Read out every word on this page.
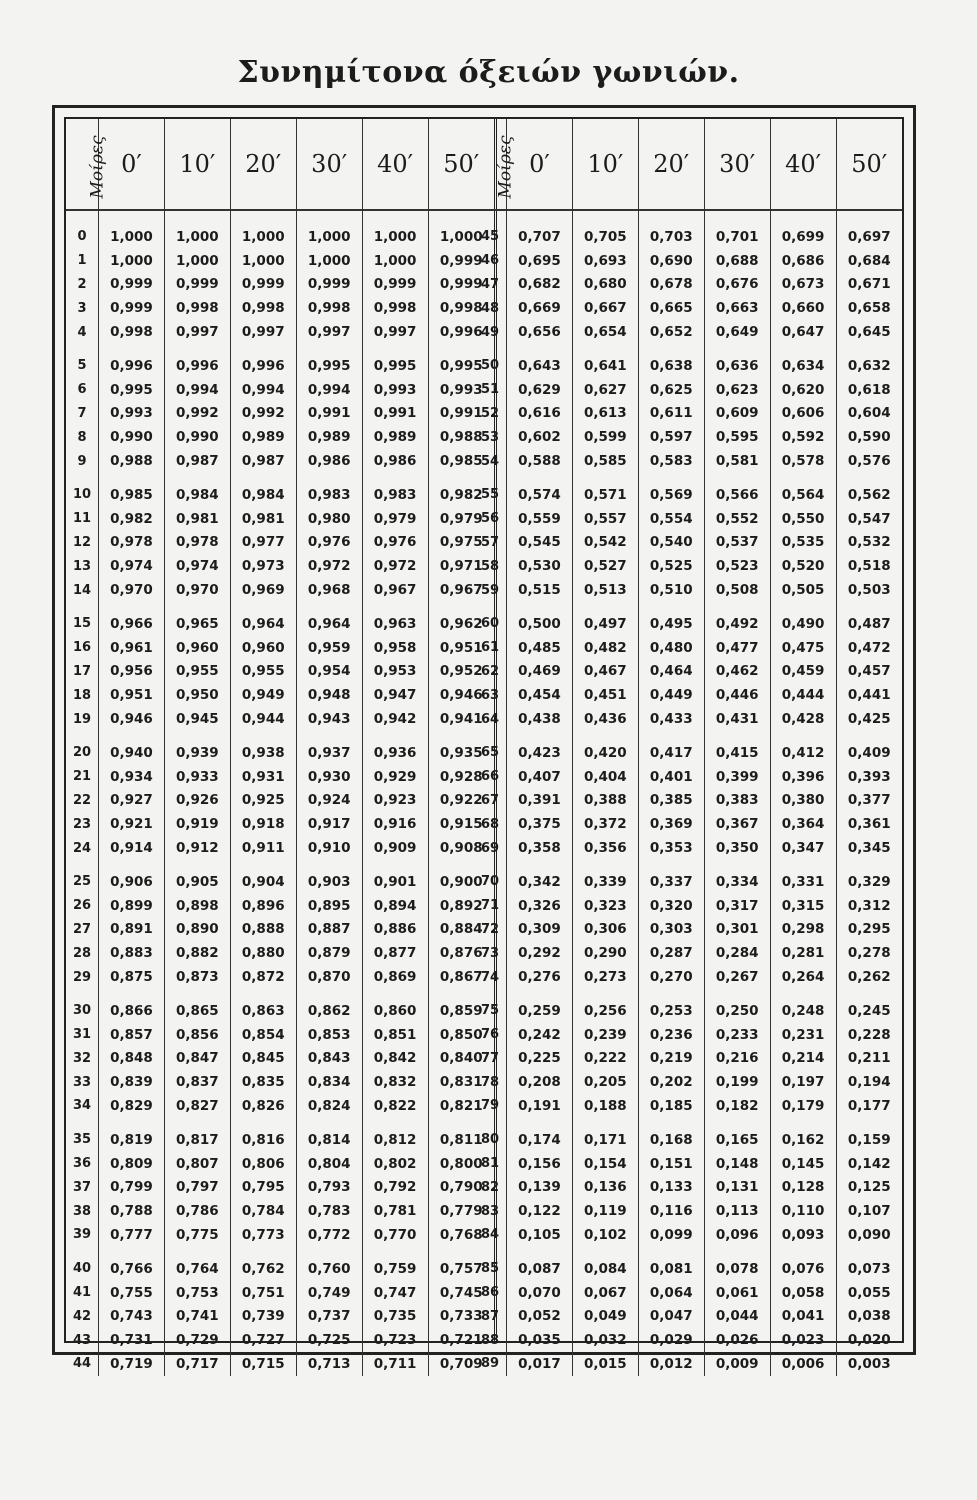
Συνημίτονα όξειών γωνιών.
Μοίρες	0′	10′	20′	30′	40′	50′

0	1,000	1,000	1,000	1,000	1,000	1,000
1	1,000	1,000	1,000	1,000	1,000	0,999
2	0,999	0,999	0,999	0,999	0,999	0,999
3	0,999	0,998	0,998	0,998	0,998	0,998
4	0,998	0,997	0,997	0,997	0,997	0,996
5	0,996	0,996	0,996	0,995	0,995	0,995
6	0,995	0,994	0,994	0,994	0,993	0,993
7	0,993	0,992	0,992	0,991	0,991	0,991
8	0,990	0,990	0,989	0,989	0,989	0,988
9	0,988	0,987	0,987	0,986	0,986	0,985
10	0,985	0,984	0,984	0,983	0,983	0,982
11	0,982	0,981	0,981	0,980	0,979	0,979
12	0,978	0,978	0,977	0,976	0,976	0,975
13	0,974	0,974	0,973	0,972	0,972	0,971
14	0,970	0,970	0,969	0,968	0,967	0,967
15	0,966	0,965	0,964	0,964	0,963	0,962
16	0,961	0,960	0,960	0,959	0,958	0,951
17	0,956	0,955	0,955	0,954	0,953	0,952
18	0,951	0,950	0,949	0,948	0,947	0,946
19	0,946	0,945	0,944	0,943	0,942	0,941
20	0,940	0,939	0,938	0,937	0,936	0,935
21	0,934	0,933	0,931	0,930	0,929	0,928
22	0,927	0,926	0,925	0,924	0,923	0,922
23	0,921	0,919	0,918	0,917	0,916	0,915
24	0,914	0,912	0,911	0,910	0,909	0,908
25	0,906	0,905	0,904	0,903	0,901	0,900
26	0,899	0,898	0,896	0,895	0,894	0,892
27	0,891	0,890	0,888	0,887	0,886	0,884
28	0,883	0,882	0,880	0,879	0,877	0,876
29	0,875	0,873	0,872	0,870	0,869	0,867
30	0,866	0,865	0,863	0,862	0,860	0,859
31	0,857	0,856	0,854	0,853	0,851	0,850
32	0,848	0,847	0,845	0,843	0,842	0,840
33	0,839	0,837	0,835	0,834	0,832	0,831
34	0,829	0,827	0,826	0,824	0,822	0,821
35	0,819	0,817	0,816	0,814	0,812	0,811
36	0,809	0,807	0,806	0,804	0,802	0,800
37	0,799	0,797	0,795	0,793	0,792	0,790
38	0,788	0,786	0,784	0,783	0,781	0,779
39	0,777	0,775	0,773	0,772	0,770	0,768
40	0,766	0,764	0,762	0,760	0,759	0,757
41	0,755	0,753	0,751	0,749	0,747	0,745
42	0,743	0,741	0,739	0,737	0,735	0,733
43	0,731	0,729	0,727	0,725	0,723	0,721
44	0,719	0,717	0,715	0,713	0,711	0,709
Μοίρες	0′	10′	20′	30′	40′	50′

45	0,707	0,705	0,703	0,701	0,699	0,697
46	0,695	0,693	0,690	0,688	0,686	0,684
47	0,682	0,680	0,678	0,676	0,673	0,671
48	0,669	0,667	0,665	0,663	0,660	0,658
49	0,656	0,654	0,652	0,649	0,647	0,645
50	0,643	0,641	0,638	0,636	0,634	0,632
51	0,629	0,627	0,625	0,623	0,620	0,618
52	0,616	0,613	0,611	0,609	0,606	0,604
53	0,602	0,599	0,597	0,595	0,592	0,590
54	0,588	0,585	0,583	0,581	0,578	0,576
55	0,574	0,571	0,569	0,566	0,564	0,562
56	0,559	0,557	0,554	0,552	0,550	0,547
57	0,545	0,542	0,540	0,537	0,535	0,532
58	0,530	0,527	0,525	0,523	0,520	0,518
59	0,515	0,513	0,510	0,508	0,505	0,503
60	0,500	0,497	0,495	0,492	0,490	0,487
61	0,485	0,482	0,480	0,477	0,475	0,472
62	0,469	0,467	0,464	0,462	0,459	0,457
63	0,454	0,451	0,449	0,446	0,444	0,441
64	0,438	0,436	0,433	0,431	0,428	0,425
65	0,423	0,420	0,417	0,415	0,412	0,409
66	0,407	0,404	0,401	0,399	0,396	0,393
67	0,391	0,388	0,385	0,383	0,380	0,377
68	0,375	0,372	0,369	0,367	0,364	0,361
69	0,358	0,356	0,353	0,350	0,347	0,345
70	0,342	0,339	0,337	0,334	0,331	0,329
71	0,326	0,323	0,320	0,317	0,315	0,312
72	0,309	0,306	0,303	0,301	0,298	0,295
73	0,292	0,290	0,287	0,284	0,281	0,278
74	0,276	0,273	0,270	0,267	0,264	0,262
75	0,259	0,256	0,253	0,250	0,248	0,245
76	0,242	0,239	0,236	0,233	0,231	0,228
77	0,225	0,222	0,219	0,216	0,214	0,211
78	0,208	0,205	0,202	0,199	0,197	0,194
79	0,191	0,188	0,185	0,182	0,179	0,177
80	0,174	0,171	0,168	0,165	0,162	0,159
81	0,156	0,154	0,151	0,148	0,145	0,142
82	0,139	0,136	0,133	0,131	0,128	0,125
83	0,122	0,119	0,116	0,113	0,110	0,107
84	0,105	0,102	0,099	0,096	0,093	0,090
85	0,087	0,084	0,081	0,078	0,076	0,073
86	0,070	0,067	0,064	0,061	0,058	0,055
87	0,052	0,049	0,047	0,044	0,041	0,038
88	0,035	0,032	0,029	0,026	0,023	0,020
89	0,017	0,015	0,012	0,009	0,006	0,003
